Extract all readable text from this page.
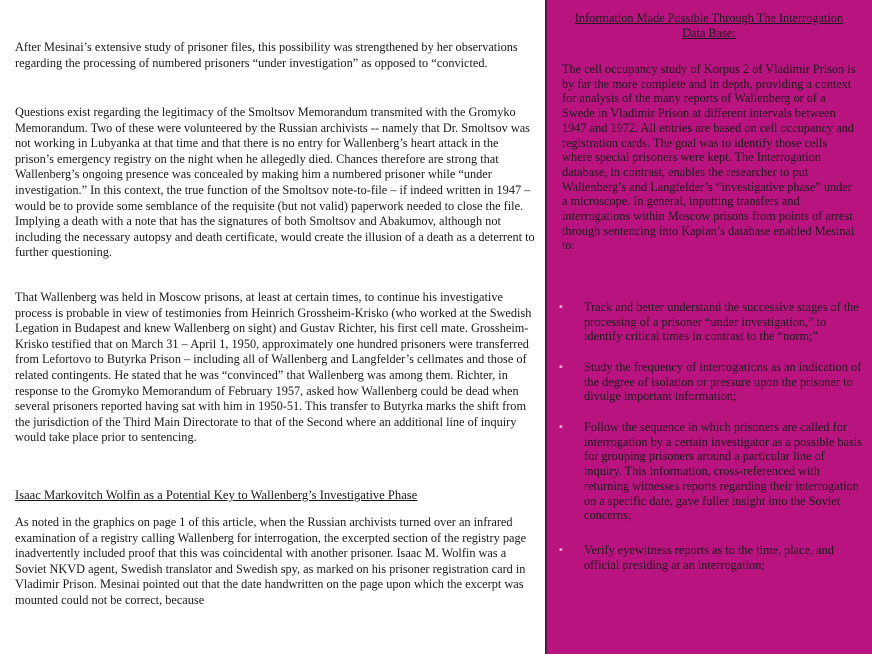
After Mesinai’s extensive study of prisoner files, this possibility was strengthened by her observations regarding the processing of numbered prisoners “under investigation” as opposed to “convicted.

Questions exist regarding the legitimacy of the Smoltsov Memorandum transmited with the Gromyko Memorandum. Two of these were volunteered by the Russian archivists -- namely that Dr. Smoltsov was not working in Lubyanka at that time and that there is no entry for Wallenberg’s heart attack in the prison’s emergency registry on the night when he allegedly died. Chances therefore are strong that Wallenberg’s ongoing presence was concealed by making him a numbered prisoner while “under investigation.” In this context, the true function of the Smoltsov note-to-file – if indeed written in 1947 – would be to provide some semblance of the requisite (but not valid) paperwork needed to close the file. Implying a death with a note that has the signatures of both Smoltsov and Abakumov, although not including the necessary autopsy and death certificate, would create the illusion of a death as a deterrent to further questioning.

That Wallenberg was held in Moscow prisons, at least at certain times, to continue his investigative process is probable in view of testimonies from Heinrich Grossheim-Krisko (who worked at the Swedish Legation in Budapest and knew Wallenberg on sight) and Gustav Richter, his first cell mate. Grossheim-Krisko testified that on March 31 – April 1, 1950, approximately one hundred prisoners were transferred from Lefortovo to Butyrka Prison – including all of Wallenberg and Langfelder’s cellmates and those of related contingents. He stated that he was “convinced” that Wallenberg was among them. Richter, in response to the Gromyko Memorandum of February 1957, asked how Wallenberg could be dead when several prisoners reported having sat with him in 1950-51. This transfer to Butyrka marks the shift from the jurisdiction of the Third Main Directorate to that of the Second where an additional line of inquiry would take place prior to sentencing.

Isaac Markovitch Wolfin as a Potential Key to Wallenberg’s Investigative Phase

As noted in the graphics on page 1 of this article, when the Russian archivists turned over an infrared examination of a registry calling Wallenberg for interrogation, the excerpted section of the registry page inadvertently included proof that this was coincidental with another prisoner. Isaac M. Wolfin was a Soviet NKVD agent, Swedish translator and Swedish spy, as marked on his prisoner registration card in Vladimir Prison. Mesinai pointed out that the date handwritten on the page upon which the excerpt was mounted could not be correct, because

Information Made Possible Through The Interrogation Data Base:

The cell occupancy study of Korpus 2 of Vladimir Prison is by far the more complete and in depth, providing a context for analysis of the many reports of Wallenberg or of a Swede in Vladimir Prison at different intervals between 1947 and 1972. All entries are based on cell occupancy and registration cards. The goal was to identify those cells where special prisoners were kept. The Interrogation database, in contrast, enables the researcher to put Wallenberg’s and Langfelder’s “investigative phase” under a microscope. In general, inputting transfers and interrogations within Moscow prisons from points of arrest through sentencing into Kaplan’s database enabled Mesinai to:

▪	Track and better understand the successive stages of the processing of a prisoner “under investigation,” to identify critical times in contrast to the “norm;”
▪	Study the frequency of interrogations as an indication of the degree of isolation or pressure upon the prisoner to divulge important information;
▪	Follow the sequence in which prisoners are called for interrogation by a certain investigator as a possible basis for grouping prisoners around a particular line of inquiry. This information, cross-referenced with returning witnesses reports regarding their interrogation on a specific date, gave fuller insight into the Soviet concerns;
▪	Verify eyewitness reports as to the time, place, and official presiding at an interrogation;
